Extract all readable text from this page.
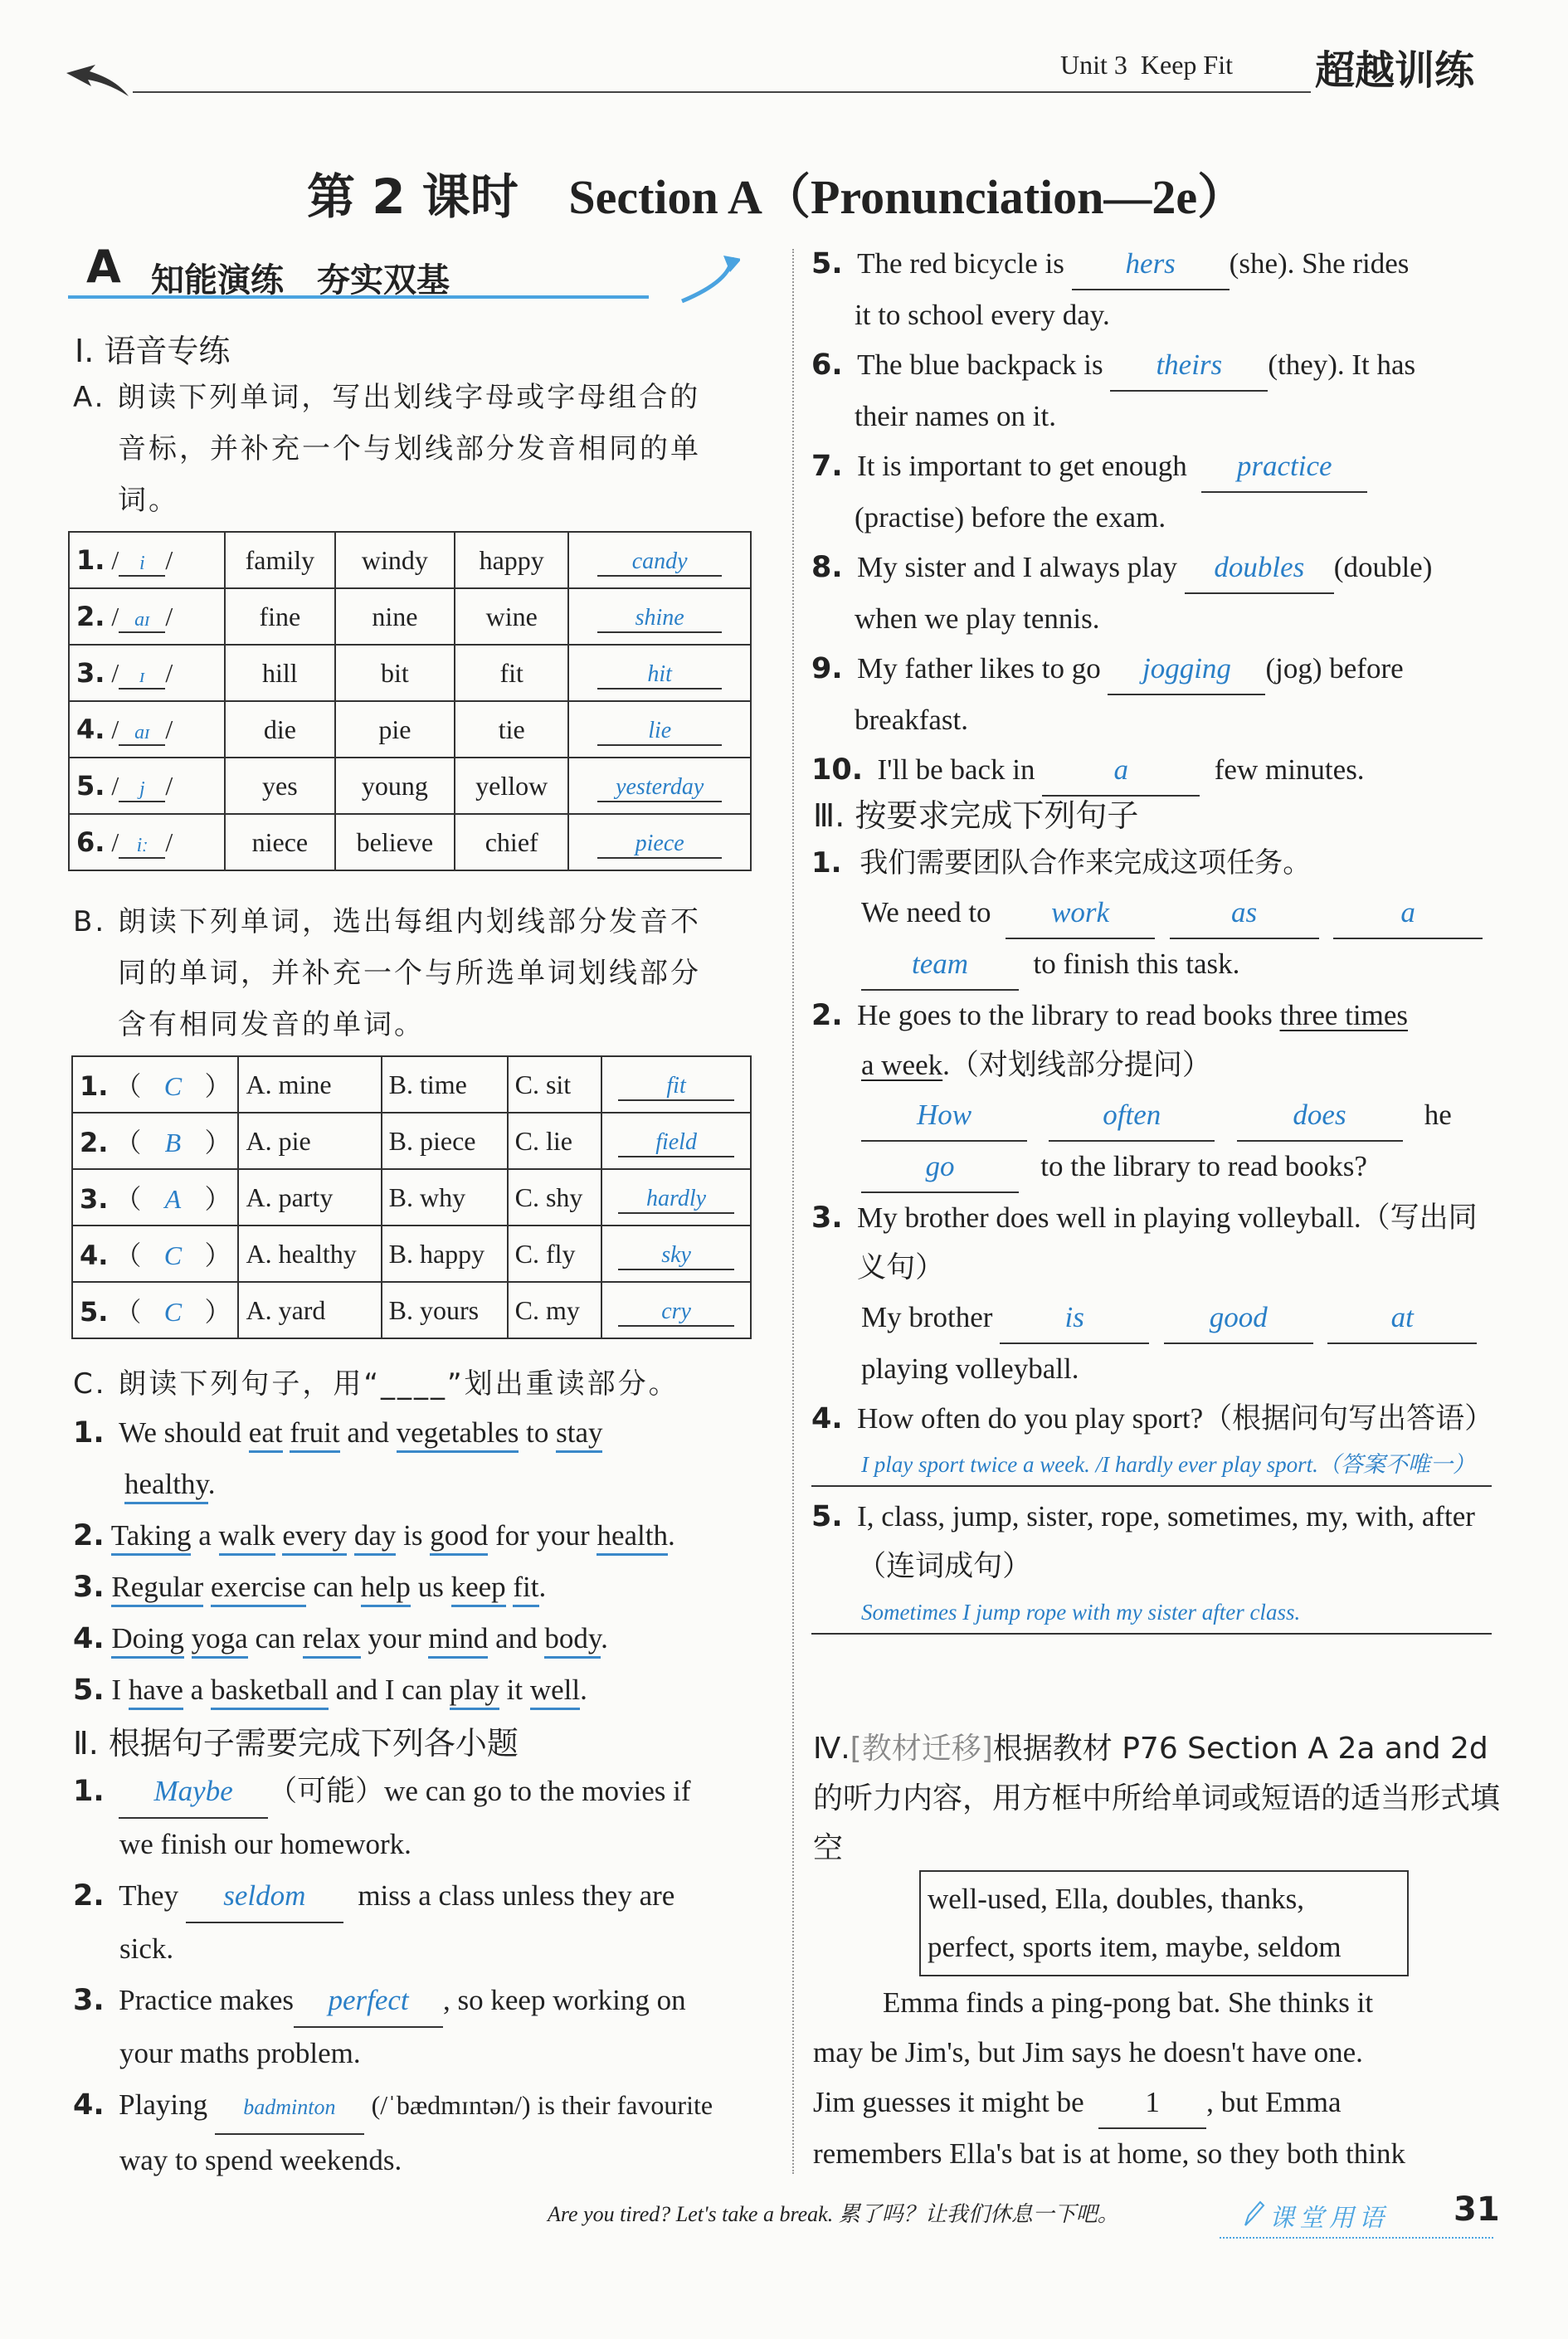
Unit 3 Keep Fit 超越训练
第 2 课时 Section A（Pronunciation—2e）
A 知能演练　夯实双基
Ⅰ. 语音专练
A. 朗读下列单词，写出划线字母或字母组合的
音标，并补充一个与划线部分发音相同的单
词。
1. / i /	family	windy	happy	candy
2. / aɪ /	fine	nine	wine	shine
3. / ɪ /	hill	bit	fit	hit
4. / aɪ /	die	pie	tie	lie
5. / j /	yes	young	yellow	yesterday
6. / iː /	niece	believe	chief	piece
B. 朗读下列单词，选出每组内划线部分发音不
同的单词，并补充一个与所选单词划线部分
含有相同发音的单词。
1. （ C ）	A. mine	B. time	C. sit	fit
2. （ B ）	A. pie	B. piece	C. lie	field
3. （ A ）	A. party	B. why	C. shy	hardly
4. （ C ）	A. healthy	B. happy	C. fly	sky
5. （ C ）	A. yard	B. yours	C. my	cry
C. 朗读下列句子，用“____”划出重读部分。
1.  We should eat fruit and vegetables to stay
healthy.
2. Taking a walk every day is good for your health.
3. Regular exercise can help us keep fit.
4. Doing yoga can relax your mind and body.
5. I have a basketball and I can play it well.
Ⅱ. 根据句子需要完成下列各小题
1. Maybe （可能）we can go to the movies if
we finish our homework.
2. They seldom miss a class unless they are
sick.
3. Practice makes perfect , so keep working on
your maths problem.
4. Playing badminton (/ˈbædmɪntən/) is their favourite
way to spend weekends.
5. The red bicycle is hers (she). She rides
it to school every day.
6. The blue backpack is theirs (they). It has
their names on it.
7. It is important to get enough practice
(practise) before the exam.
8. My sister and I always play doubles (double)
when we play tennis.
9. My father likes to go jogging (jog) before
breakfast.
10. I'll be back in	a	few minutes.
Ⅲ. 按要求完成下列句子
1. 我们需要团队合作来完成这项任务。
We need to work	as	a
team to finish this task.
2.  He goes to the library to read books three times
a week.（对划线部分提问）
How	often	does	he
go	to the library to read books?
3. My brother does well in playing volleyball.（写出同义句）
My brother is	good	at
playing volleyball.
4. How often do you play sport?（根据问句写出答语）
I play sport twice a week. /I hardly ever play sport.（答案不唯一）
5. I, class, jump, sister, rope, sometimes, my, with, after（连词成句）
Sometimes I jump rope with my sister after class.
Ⅳ.[教材迁移]根据教材 P76 Section A 2a and 2d 的听力内容，用方框中所给单词或短语的适当形式填空
well-used, Ella, doubles, thanks,
perfect, sports item, maybe, seldom
Emma finds a ping-pong bat. She thinks it
may be Jim's, but Jim says he doesn't have one.
Jim guesses it might be 1 , but Emma
remembers Ella's bat is at home, so they both think
Are you tired? Let's take a break. 累了吗？让我们休息一下吧。	课堂用语 31
